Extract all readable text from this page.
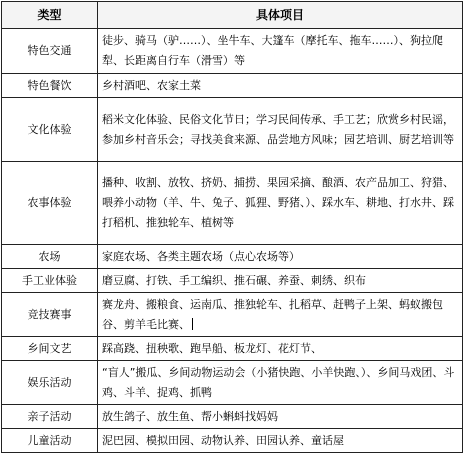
类型	具体项目
特色交通	徒步、骑马（驴……）、坐牛车、大篷车（摩托车、拖车……）、狗拉爬犁、长距离自行车（滑雪）等
特色餐饮	乡村酒吧、农家土菜
文化体验	稻米文化体验、民俗文化节日；学习民间传承、手工艺；欣赏乡村民谣，参加乡村音乐会；寻找美食来源、品尝地方风味；园艺培训、厨艺培训等
农事体验	播种、收割、放牧、挤奶、捕捞、果园采摘、酿酒、农产品加工、狩猎、喂养小动物（羊、牛、兔子、狐狸、野猪、）、踩水车、耕地、打水井、踩打稻机、推独轮车、植树等
农场	家庭农场、各类主题农场（点心农场等）
手工业体验	磨豆腐、打铁、手工编织、推石碾、养蚕、刺绣、织布
竞技赛事	赛龙舟、搬粮食、运南瓜、推独轮车、扎稻草、赶鸭子上架、蚂蚁搬包谷、剪羊毛比赛、
乡间文艺	踩高跷、扭秧歌、跑旱船、板龙灯、花灯节、
娱乐活动	“盲人”搬瓜、乡间动物运动会（小猪快跑、小羊快跑、）、乡间马戏团、斗鸡、斗羊、捉鸡、抓鸭
亲子活动	放生鸽子、放生鱼、帮小蝌蚪找妈妈
儿童活动	泥巴园、模拟田园、动物认养、田园认养、童话屋
